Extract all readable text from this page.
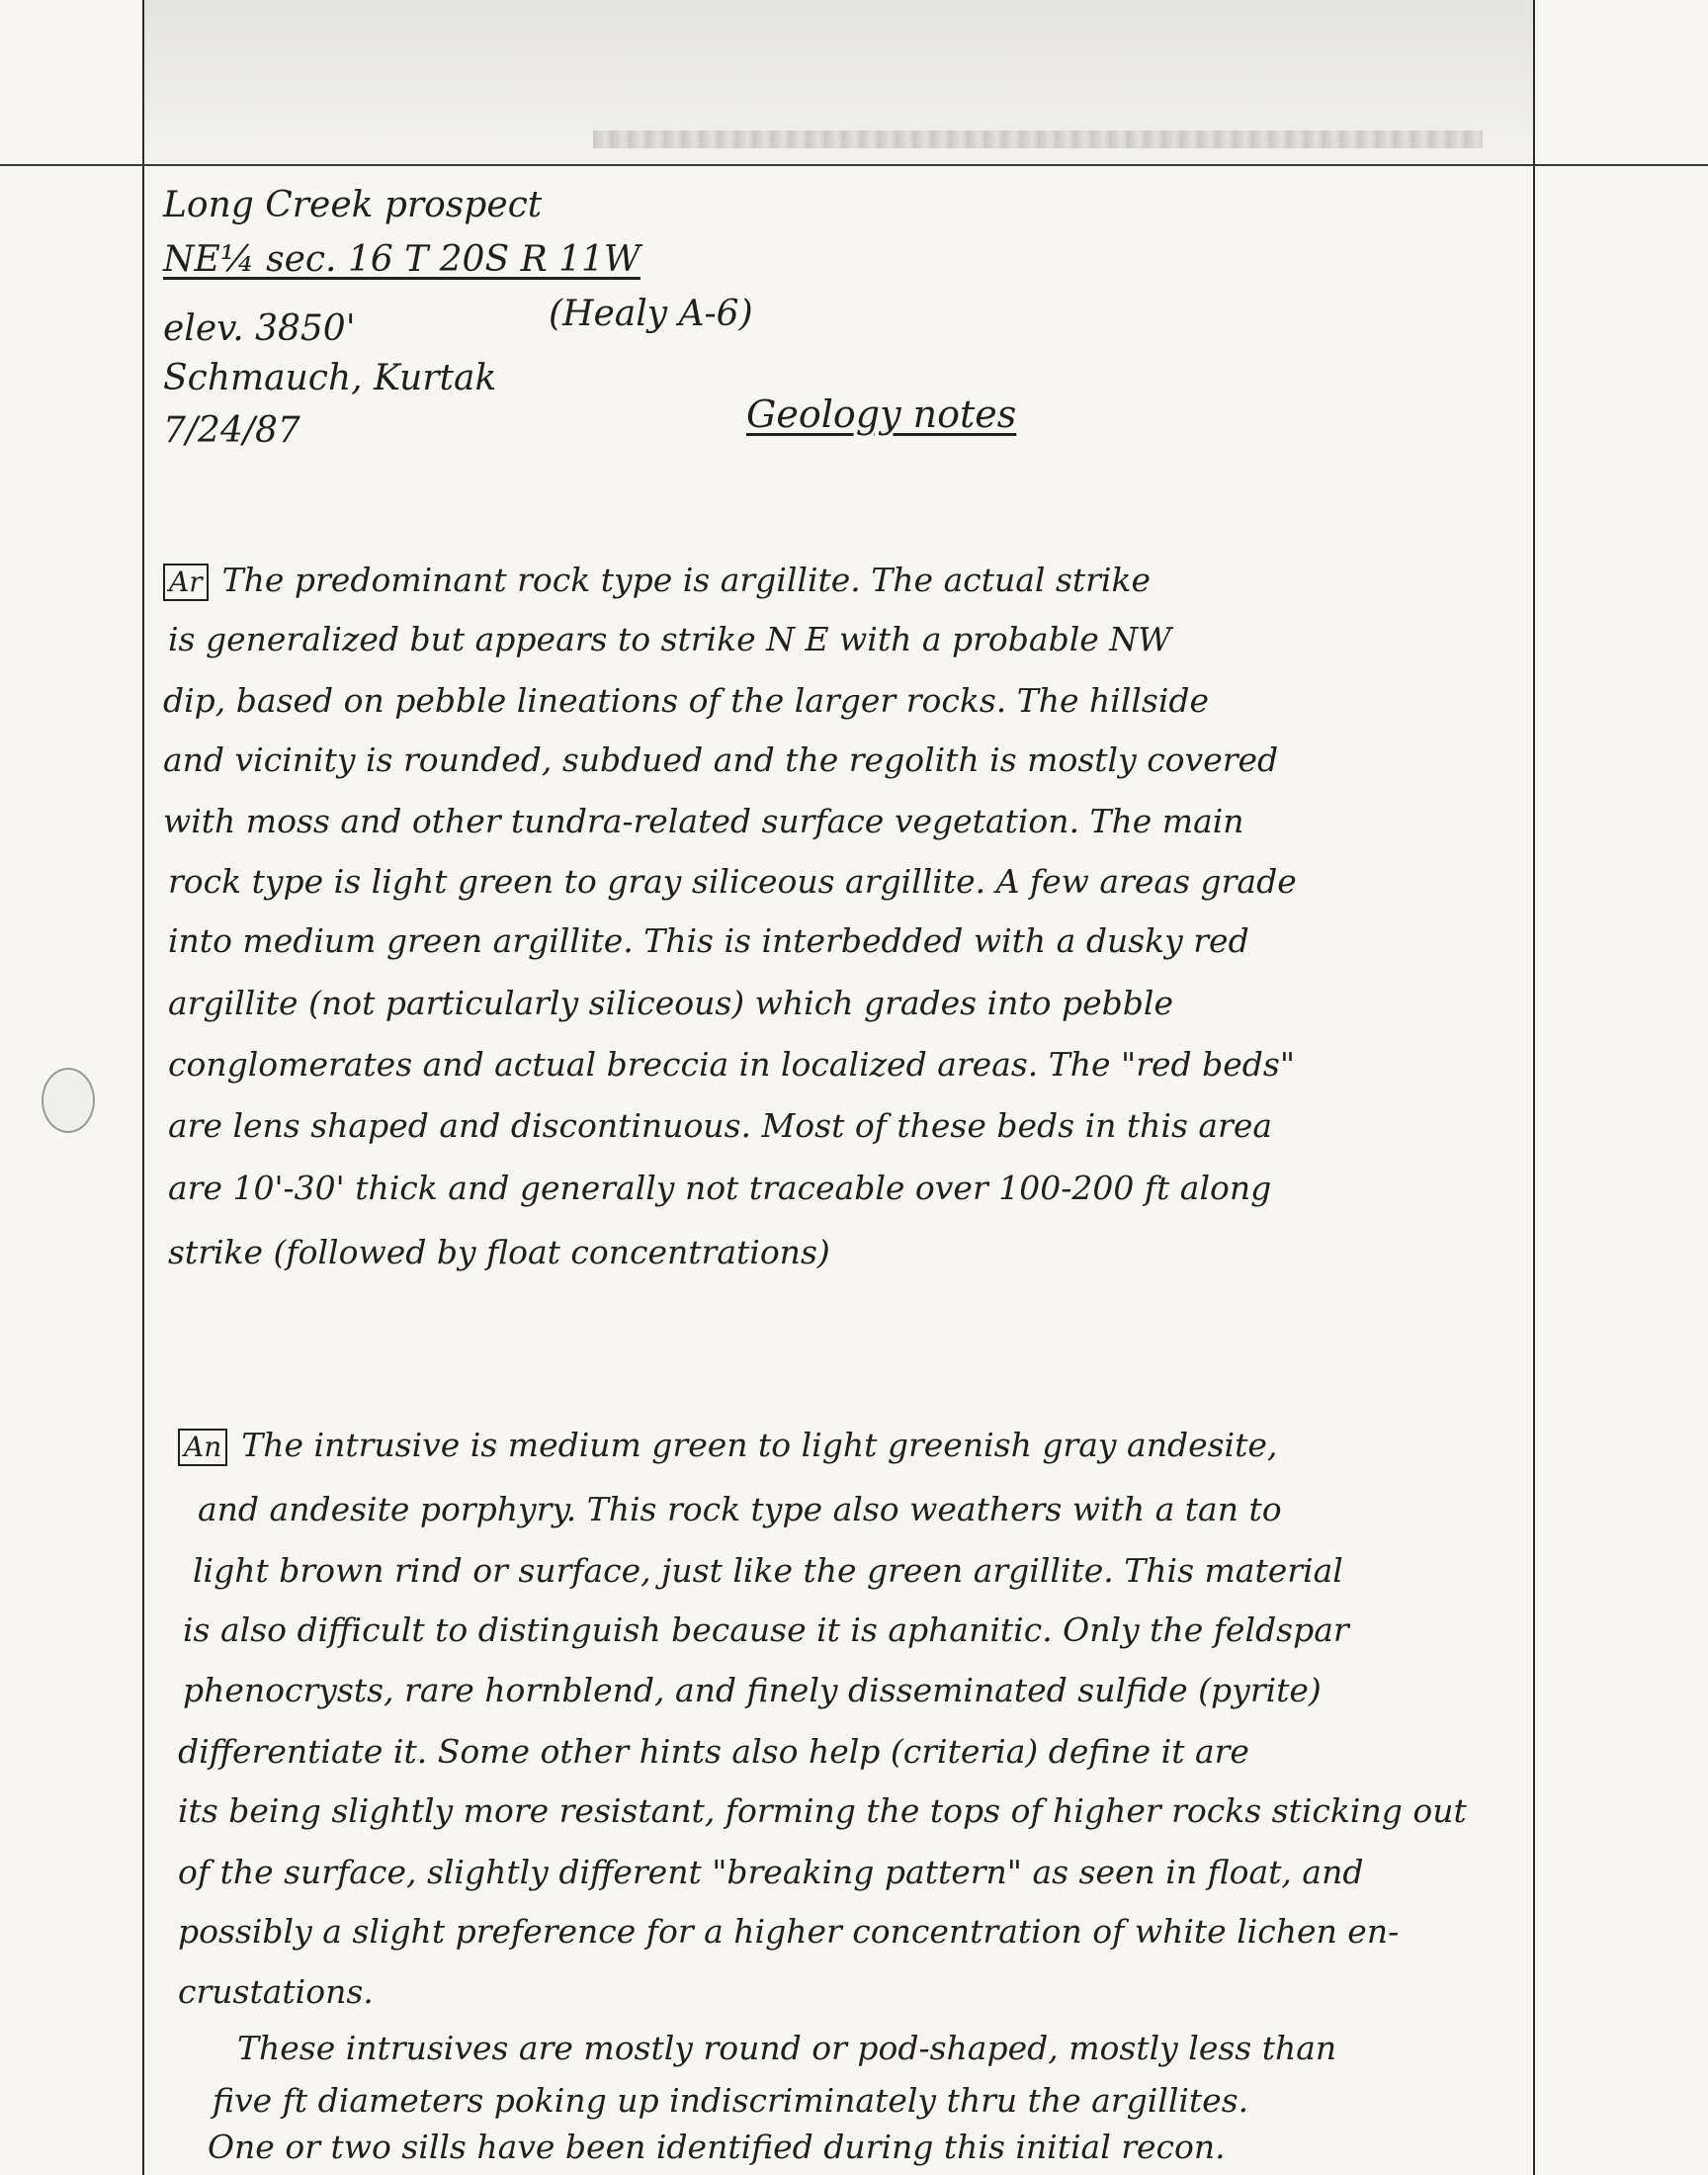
Long Creek prospect
NE¼ sec. 16 T 20S R 11W
elev. 3850'	(Healy A-6)
Schmauch, Kurtak
7/24/87	Geology notes
Ar The predominant rock type is argillite. The actual strike
is generalized but appears to strike N E with a probable NW
dip, based on pebble lineations of the larger rocks. The hillside
and vicinity is rounded, subdued and the regolith is mostly covered
with moss and other tundra-related surface vegetation. The main
rock type is light green to gray siliceous argillite. A few areas grade
into medium green argillite. This is interbedded with a dusky red
argillite (not particularly siliceous) which grades into pebble
conglomerates and actual breccia in localized areas. The "red beds"
are lens shaped and discontinuous. Most of these beds in this area
are 10'-30' thick and generally not traceable over 100-200 ft along
strike (followed by float concentrations)
An The intrusive is medium green to light greenish gray andesite,
and andesite porphyry. This rock type also weathers with a tan to
light brown rind or surface, just like the green argillite. This material
is also difficult to distinguish because it is aphanitic. Only the feldspar
phenocrysts, rare hornblend, and finely disseminated sulfide (pyrite)
differentiate it. Some other hints also help (criteria) define it are
its being slightly more resistant, forming the tops of higher rocks sticking out
of the surface, slightly different "breaking pattern" as seen in float, and
possibly a slight preference for a higher concentration of white lichen en-
crustations.
These intrusives are mostly round or pod-shaped, mostly less than
five ft diameters poking up indiscriminately thru the argillites.
One or two sills have been identified during this initial recon.
